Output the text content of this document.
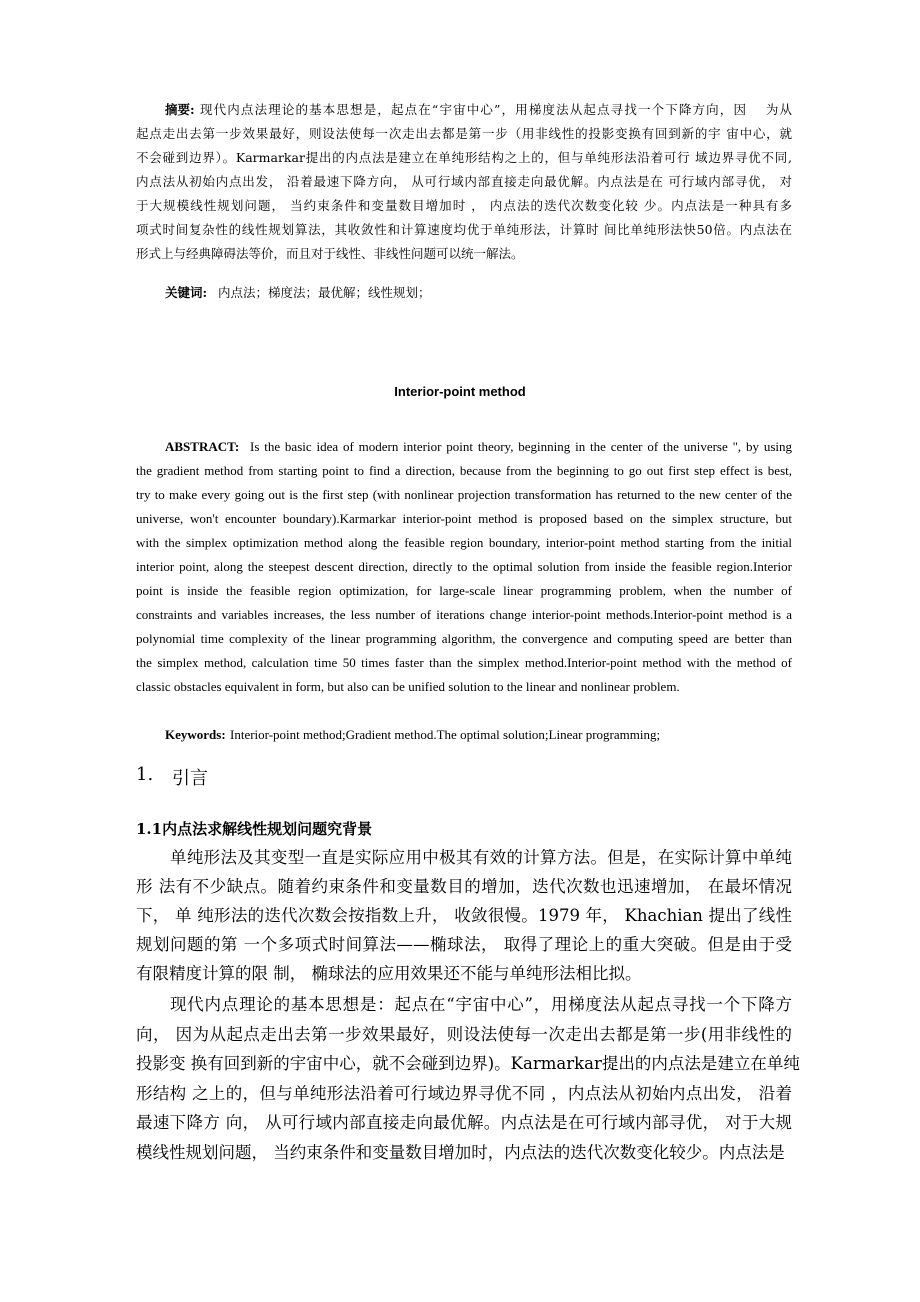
摘要: 现代内点法理论的基本思想是，起点在“宇宙中心”，用梯度法从起点寻找一个下降方向，因　 为从
起点走出去第一步效果最好，则设法使每一次走出去都是第一步（用非线性的投影变换有回到新的宇 宙中心，就
不会碰到边界）。Karmarkar提出的内点法是建立在单纯形结构之上的，但与单纯形法沿着可行 域边界寻优不同,
内点法从初始内点出发， 沿着最速下降方向， 从可行域内部直接走向最优解。内点法是在 可行域内部寻优， 对
于大规模线性规划问题， 当约束条件和变量数目增加时 ， 内点法的迭代次数变化较 少。内点法是一种具有多
项式时间复杂性的线性规划算法，其收敛性和计算速度均优于单纯形法，计算时 间比单纯形法快50倍。内点法在
形式上与经典障碍法等价，而且对于线性、非线性问题可以统一解法。
关键词: 内点法；梯度法；最优解；线性规划；
Interior-point method
ABSTRACT: Is the basic idea of modern interior point theory, beginning in the center of the universe ", by using
the gradient method from starting point to find a direction, because from the beginning to go out first step effect is best,
try to make every going out is the first step (with nonlinear projection transformation has returned to the new center of the
universe, won't encounter boundary).Karmarkar interior-point method is proposed based on the simplex structure, but
with the simplex optimization method along the feasible region boundary, interior-point method starting from the initial
interior point, along the steepest descent direction, directly to the optimal solution from inside the feasible region.Interior
point is inside the feasible region optimization, for large-scale linear programming problem, when the number of
constraints and variables increases, the less number of iterations change interior-point methods.Interior-point method is a
polynomial time complexity of the linear programming algorithm, the convergence and computing speed are better than
the simplex method, calculation time 50 times faster than the simplex method.Interior-point method with the method of
classic obstacles equivalent in form, but also can be unified solution to the linear and nonlinear problem.
Keywords: Interior-point method;Gradient method.The optimal solution;Linear programming;
1. 引言
1.1内点法求解线性规划问题究背景
单纯形法及其变型一直是实际应用中极其有效的计算方法。但是，在实际计算中单纯
形 法有不少缺点。随着约束条件和变量数目的增加，迭代次数也迅速增加， 在最坏情况
下， 单 纯形法的迭代次数会按指数上升， 收敛很慢。1979 年， Khachian 提出了线性
规划问题的第 一个多项式时间算法——椭球法， 取得了理论上的重大突破。但是由于受
有限精度计算的限 制， 椭球法的应用效果还不能与单纯形法相比拟。
现代内点理论的基本思想是：起点在“宇宙中心”，用梯度法从起点寻找一个下降方
向， 因为从起点走出去第一步效果最好，则设法使每一次走出去都是第一步(用非线性的
投影变 换有回到新的宇宙中心，就不会碰到边界)。Karmarkar提出的内点法是建立在单纯
形结构 之上的，但与单纯形法沿着可行域边界寻优不同 ，内点法从初始内点出发， 沿着
最速下降方 向， 从可行域内部直接走向最优解。内点法是在可行域内部寻优， 对于大规
模线性规划问题， 当约束条件和变量数目增加时，内点法的迭代次数变化较少。内点法是
